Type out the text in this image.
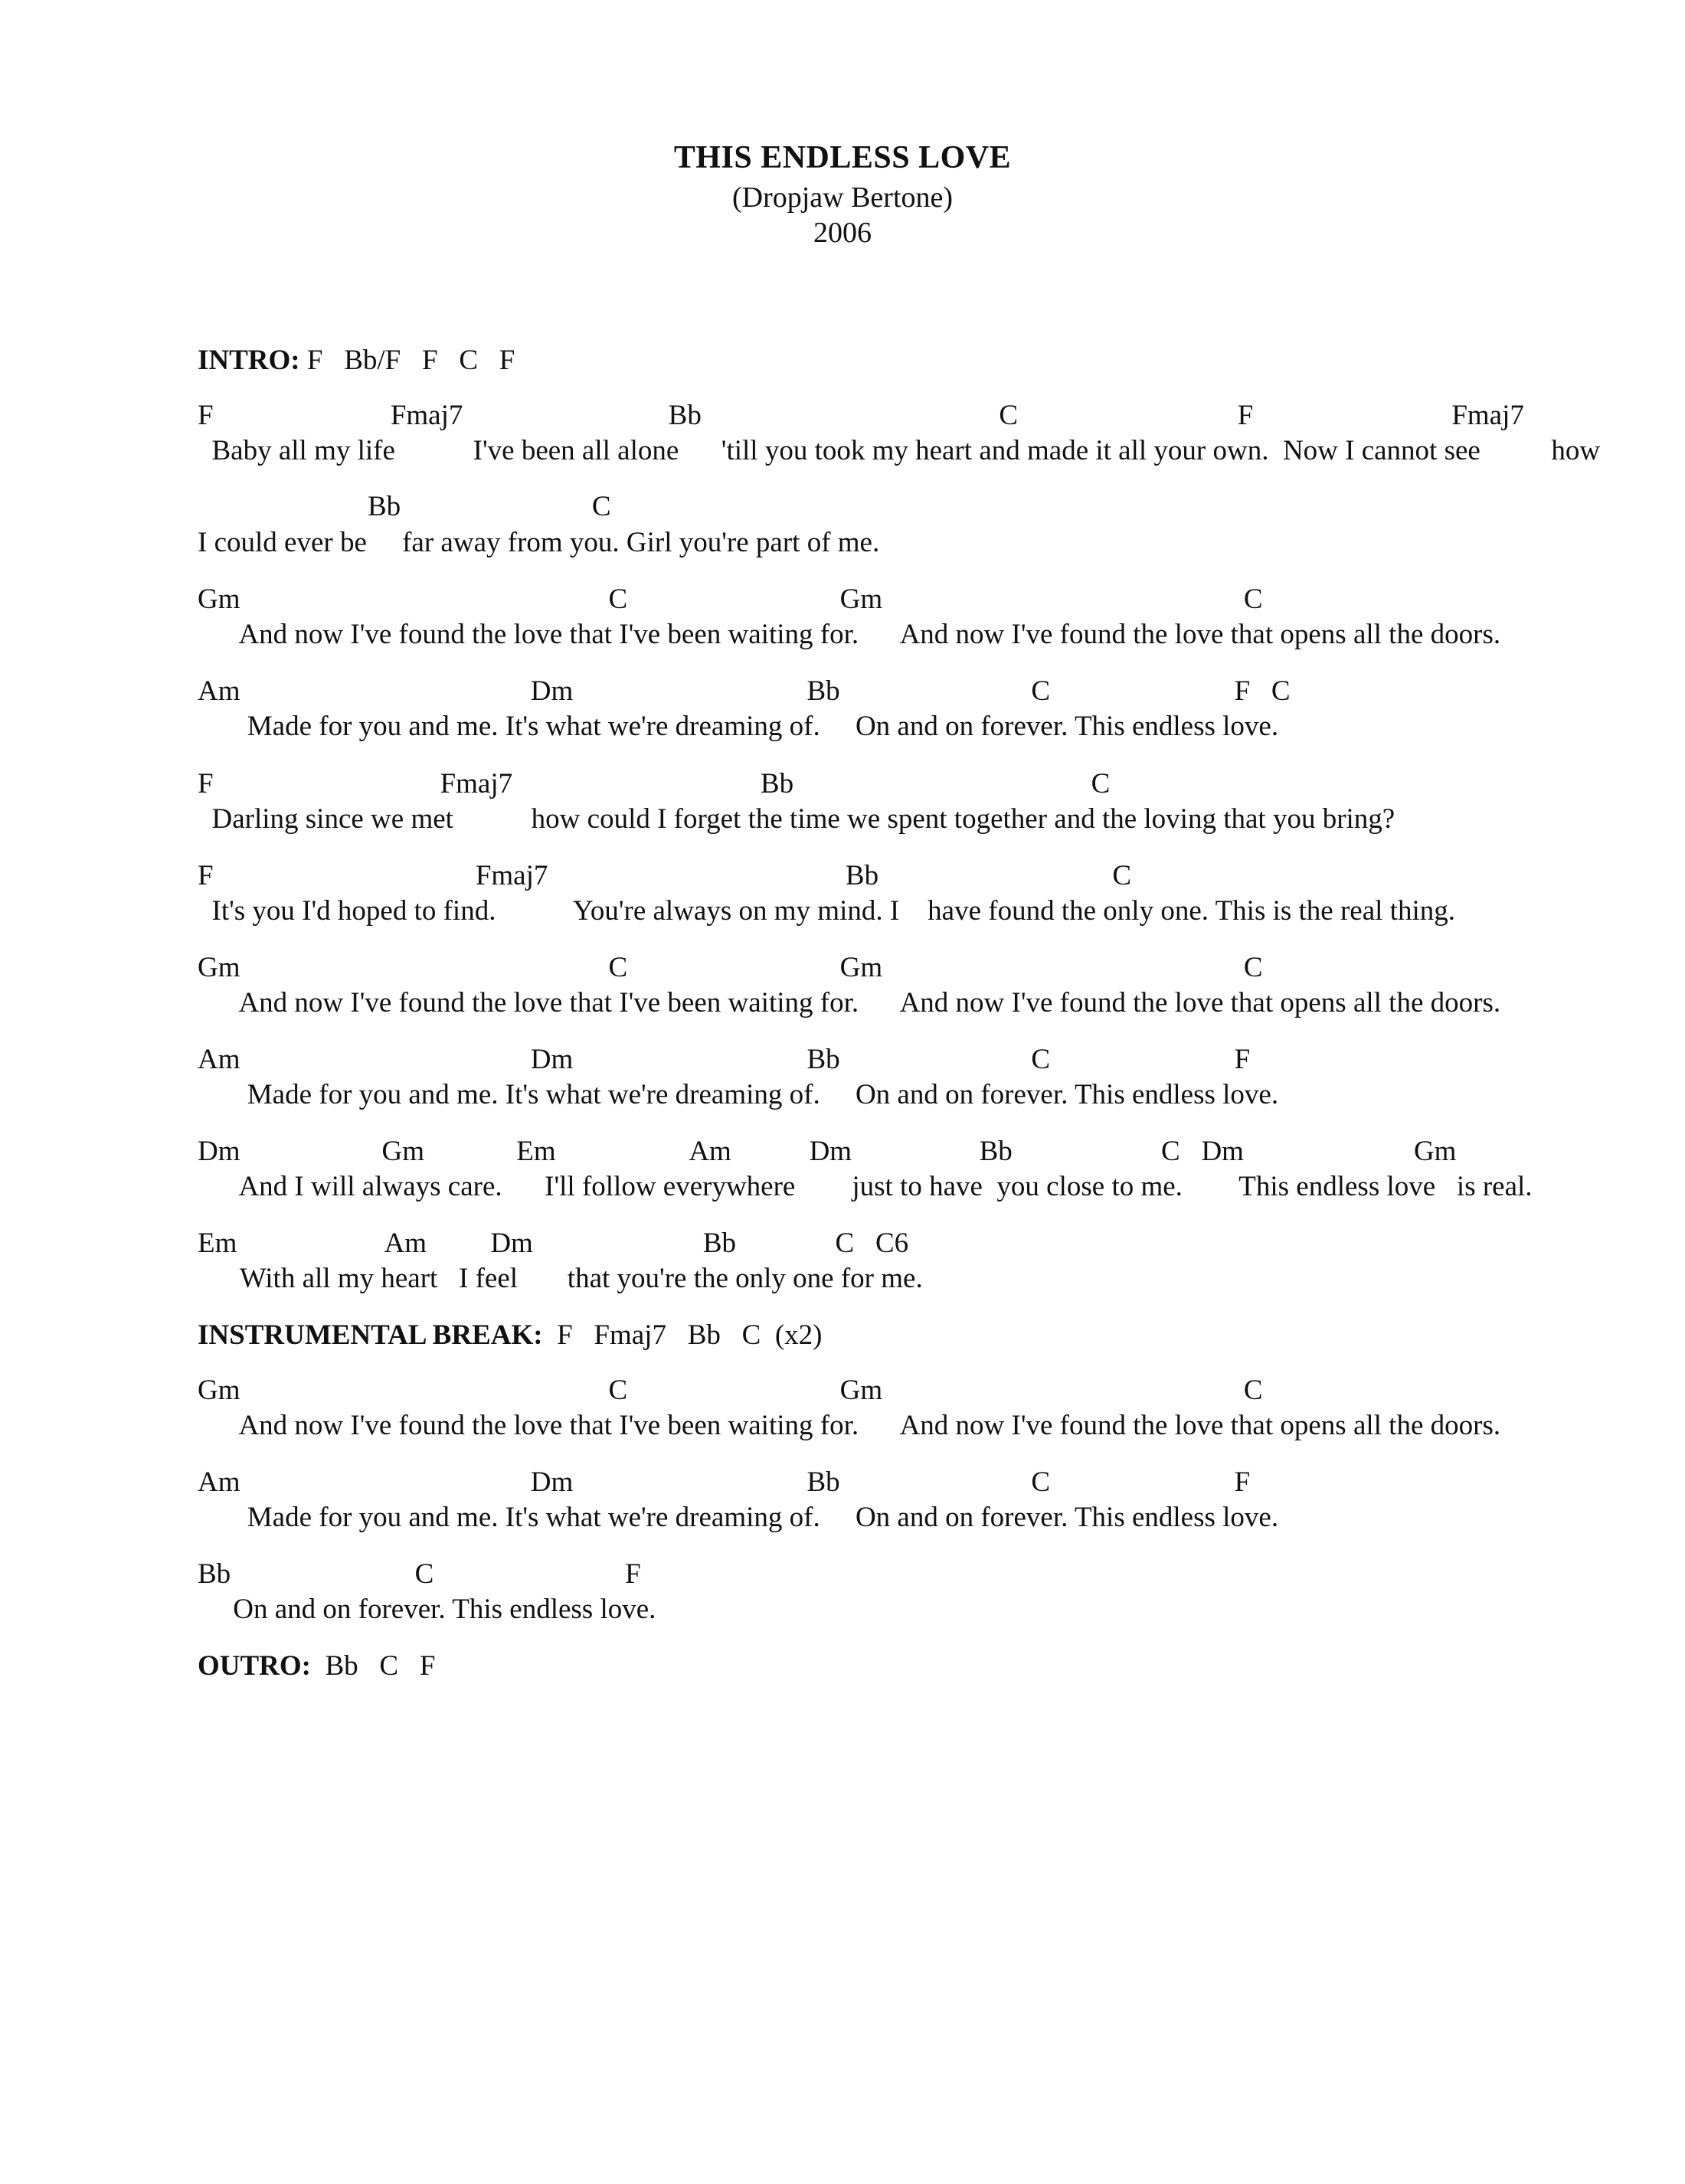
THIS ENDLESS LOVE
(Dropjaw Bertone)
2006
INTRO: F   Bb/F   F   C   F
F                         Fmaj7                             Bb                                          C                               F                            Fmaj7
Baby all my life           I've been all alone      'till you took my heart and made it all your own.  Now I cannot see          how
Bb                           C
I could ever be     far away from you. Girl you're part of me.
Gm                                                    C                              Gm                                                   C
And now I've found the love that I've been waiting for.      And now I've found the love that opens all the doors.
Am                                         Dm                                 Bb                           C                          F   C
Made for you and me. It's what we're dreaming of.     On and on forever. This endless love.
F                                Fmaj7                                   Bb                                          C
Darling since we met           how could I forget the time we spent together and the loving that you bring?
F                                     Fmaj7                                          Bb                                 C
It's you I'd hoped to find.           You're always on my mind. I    have found the only one. This is the real thing.
Gm                                                    C                              Gm                                                   C
And now I've found the love that I've been waiting for.      And now I've found the love that opens all the doors.
Am                                         Dm                                 Bb                           C                          F
Made for you and me. It's what we're dreaming of.     On and on forever. This endless love.
Dm                    Gm             Em                   Am           Dm                  Bb                     C   Dm                        Gm
And I will always care.      I'll follow everywhere        just to have  you close to me.        This endless love   is real.
Em                     Am         Dm                        Bb              C   C6
With all my heart   I feel       that you're the only one for me.
INSTRUMENTAL BREAK:  F   Fmaj7   Bb   C  (x2)
Gm                                                    C                              Gm                                                   C
And now I've found the love that I've been waiting for.      And now I've found the love that opens all the doors.
Am                                         Dm                                 Bb                           C                          F
Made for you and me. It's what we're dreaming of.     On and on forever. This endless love.
Bb                          C                           F
On and on forever. This endless love.
OUTRO:  Bb   C   F
